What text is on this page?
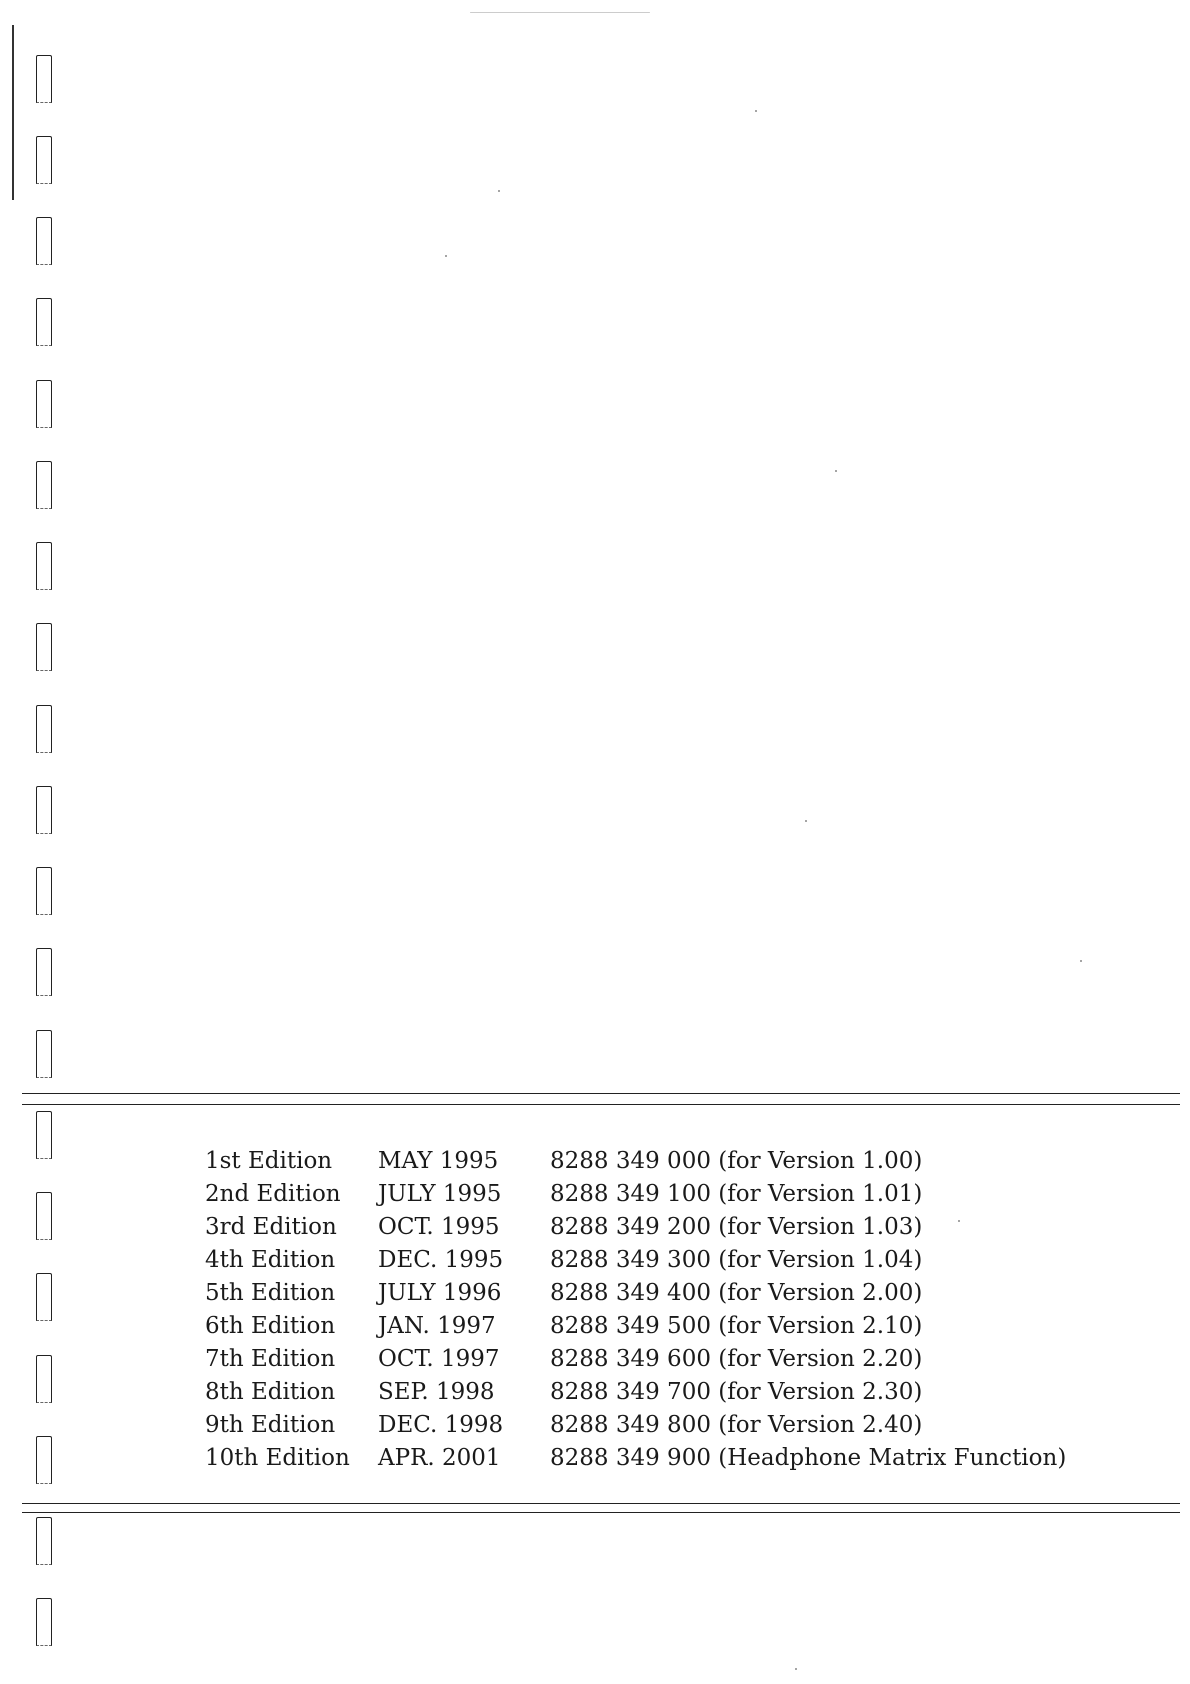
1st Edition MAY 1995 8288 349 000 (for Version 1.00)
2nd Edition JULY 1995 8288 349 100 (for Version 1.01)
3rd Edition OCT. 1995 8288 349 200 (for Version 1.03)
4th Edition DEC. 1995 8288 349 300 (for Version 1.04)
5th Edition JULY 1996 8288 349 400 (for Version 2.00)
6th Edition JAN. 1997 8288 349 500 (for Version 2.10)
7th Edition OCT. 1997 8288 349 600 (for Version 2.20)
8th Edition SEP. 1998 8288 349 700 (for Version 2.30)
9th Edition DEC. 1998 8288 349 800 (for Version 2.40)
10th Edition APR. 2001 8288 349 900 (Headphone Matrix Function)
